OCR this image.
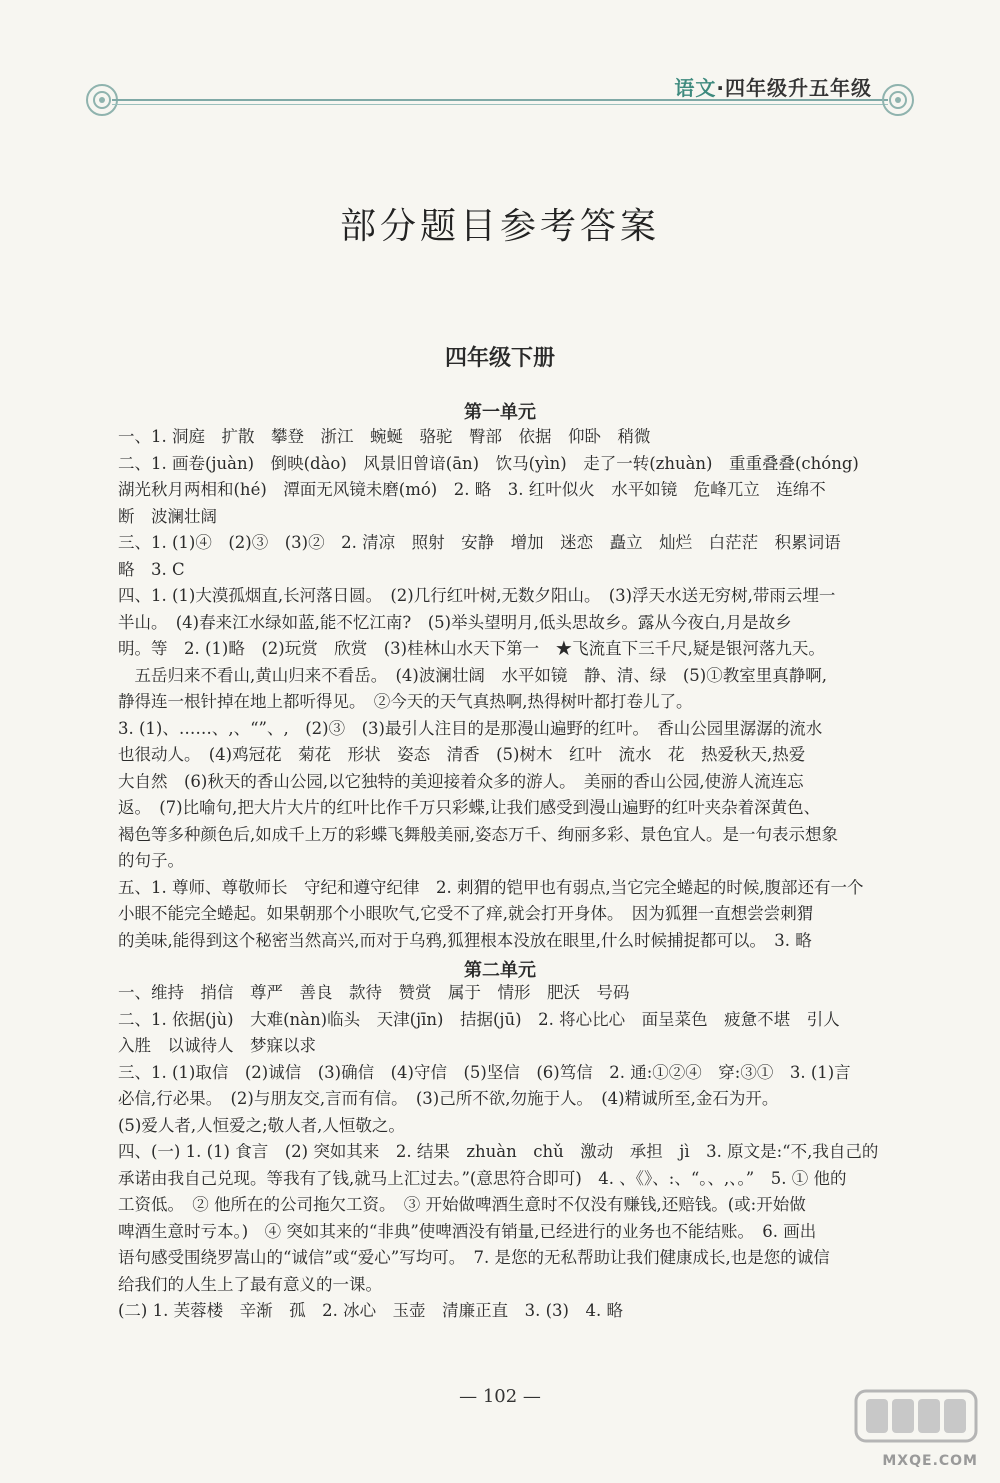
语文·四年级升五年级
部分题目参考答案
四年级下册
第一单元

一、1. 洞庭　扩散　攀登　浙江　蜿蜒　骆驼　臀部　依据　仰卧　稍微

二、1. 画卷(juàn)　倒映(dào)　风景旧曾谙(ān)　饮马(yìn)　走了一转(zhuàn)　重重叠叠(chóng)

湖光秋月两相和(hé)　潭面无风镜未磨(mó)　2. 略　3. 红叶似火　水平如镜　危峰兀立　连绵不

断　波澜壮阔

三、1. (1)④　(2)③　(3)②　2. 清凉　照射　安静　增加　迷恋　矗立　灿烂　白茫茫　积累词语

略　3. C

四、1. (1)大漠孤烟直,长河落日圆。　(2)几行红叶树,无数夕阳山。　(3)浮天水送无穷树,带雨云埋一

半山。　(4)春来江水绿如蓝,能不忆江南?　(5)举头望明月,低头思故乡。露从今夜白,月是故乡

明。等　2. (1)略　(2)玩赏　欣赏　(3)桂林山水天下第一　★飞流直下三千尺,疑是银河落九天。

　五岳归来不看山,黄山归来不看岳。　(4)波澜壮阔　水平如镜　静、清、绿　(5)①教室里真静啊,

静得连一根针掉在地上都听得见。　②今天的天气真热啊,热得树叶都打卷儿了。

3. (1)、……、,、“”、,　(2)③　(3)最引人注目的是那漫山遍野的红叶。　香山公园里潺潺的流水

也很动人。　(4)鸡冠花　菊花　形状　姿态　清香　(5)树木　红叶　流水　花　热爱秋天,热爱

大自然　(6)秋天的香山公园,以它独特的美迎接着众多的游人。　美丽的香山公园,使游人流连忘

返。　(7)比喻句,把大片大片的红叶比作千万只彩蝶,让我们感受到漫山遍野的红叶夹杂着深黄色、

褐色等多种颜色后,如成千上万的彩蝶飞舞般美丽,姿态万千、绚丽多彩、景色宜人。是一句表示想象

的句子。

五、1. 尊师、尊敬师长　守纪和遵守纪律　2. 刺猬的铠甲也有弱点,当它完全蜷起的时候,腹部还有一个

小眼不能完全蜷起。如果朝那个小眼吹气,它受不了痒,就会打开身体。　因为狐狸一直想尝尝刺猬

的美味,能得到这个秘密当然高兴,而对于乌鸦,狐狸根本没放在眼里,什么时候捕捉都可以。　3. 略

第二单元

一、维持　捎信　尊严　善良　款待　赞赏　属于　情形　肥沃　号码

二、1. 依据(jù)　大难(nàn)临头　天津(jīn)　拮据(jū)　2. 将心比心　面呈菜色　疲惫不堪　引人

入胜　以诚待人　梦寐以求

三、1. (1)取信　(2)诚信　(3)确信　(4)守信　(5)坚信　(6)笃信　2. 通:①②④　穿:③①　3. (1)言

必信,行必果。　(2)与朋友交,言而有信。　(3)己所不欲,勿施于人。　(4)精诚所至,金石为开。

(5)爱人者,人恒爱之;敬人者,人恒敬之。

四、(一) 1. (1) 食言　(2) 突如其来　2. 结果　zhuàn　chǔ　激动　承担　jì　3. 原文是:“不,我自己的

承诺由我自己兑现。等我有了钱,就马上汇过去。”(意思符合即可)　4. 、《》、:、“。、,、。”　5. ① 他的

工资低。　② 他所在的公司拖欠工资。　③ 开始做啤酒生意时不仅没有赚钱,还赔钱。(或:开始做

啤酒生意时亏本。)　④ 突如其来的“非典”使啤酒没有销量,已经进行的业务也不能结账。　6. 画出

语句感受围绕罗嵩山的“诚信”或“爱心”写均可。　7. 是您的无私帮助让我们健康成长,也是您的诚信

给我们的人生上了最有意义的一课。

(二) 1. 芙蓉楼　辛渐　孤　2. 冰心　玉壶　清廉正直　3. (3)　4. 略

— 102 —
MXQE.COM
